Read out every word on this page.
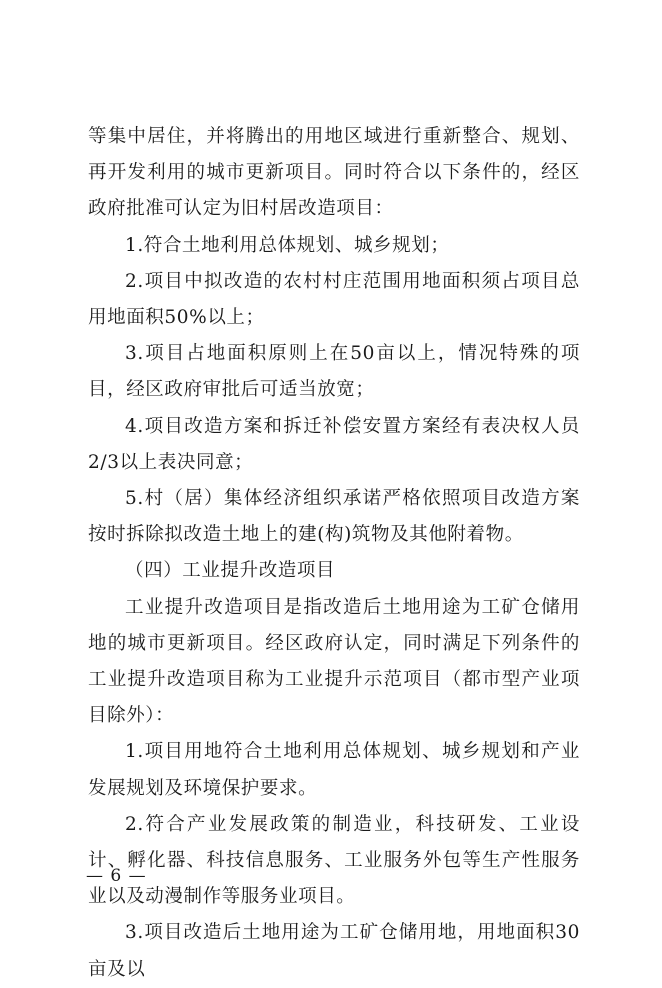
等集中居住，并将腾出的用地区域进行重新整合、规划、再开发利用的城市更新项目。同时符合以下条件的，经区政府批准可认定为旧村居改造项目：

1.符合土地利用总体规划、城乡规划；

2.项目中拟改造的农村村庄范围用地面积须占项目总用地面积50%以上；

3.项目占地面积原则上在50亩以上，情况特殊的项目，经区政府审批后可适当放宽；

4.项目改造方案和拆迁补偿安置方案经有表决权人员2/3以上表决同意；

5.村（居）集体经济组织承诺严格依照项目改造方案按时拆除拟改造土地上的建(构)筑物及其他附着物。

（四）工业提升改造项目

工业提升改造项目是指改造后土地用途为工矿仓储用地的城市更新项目。经区政府认定，同时满足下列条件的工业提升改造项目称为工业提升示范项目（都市型产业项目除外）：

1.项目用地符合土地利用总体规划、城乡规划和产业发展规划及环境保护要求。

2.符合产业发展政策的制造业，科技研发、工业设计、孵化器、科技信息服务、工业服务外包等生产性服务业以及动漫制作等服务业项目。

3.项目改造后土地用途为工矿仓储用地，用地面积30亩及以

— 6 —
